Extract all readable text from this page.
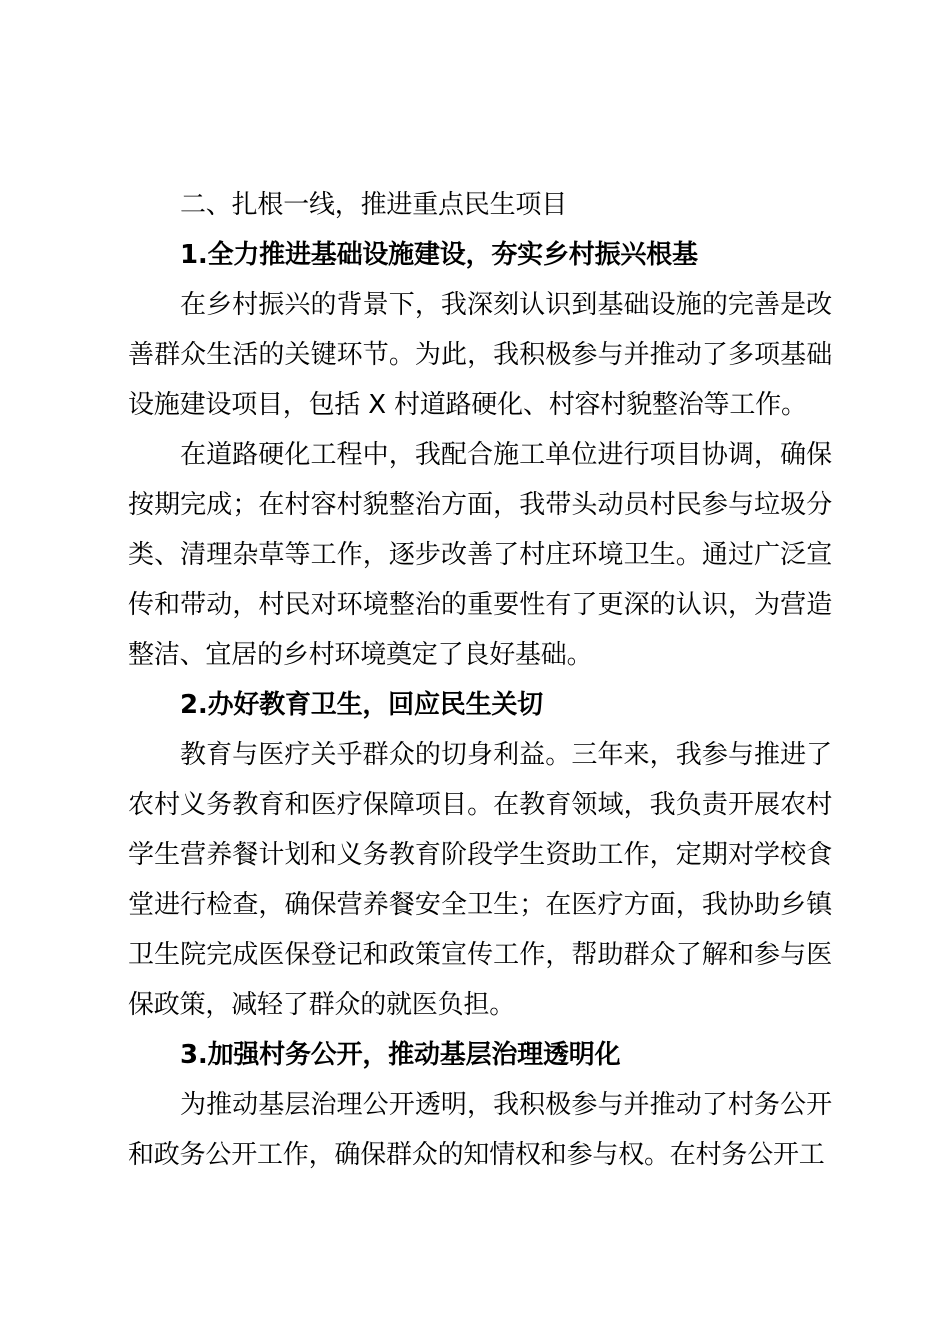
二、扎根一线，推进重点民生项目

1.全力推进基础设施建设，夯实乡村振兴根基

在乡村振兴的背景下，我深刻认识到基础设施的完善是改善群众生活的关键环节。为此，我积极参与并推动了多项基础设施建设项目，包括 X 村道路硬化、村容村貌整治等工作。

在道路硬化工程中，我配合施工单位进行项目协调，确保按期完成；在村容村貌整治方面，我带头动员村民参与垃圾分类、清理杂草等工作，逐步改善了村庄环境卫生。通过广泛宣传和带动，村民对环境整治的重要性有了更深的认识，为营造整洁、宜居的乡村环境奠定了良好基础。

2.办好教育卫生，回应民生关切

教育与医疗关乎群众的切身利益。三年来，我参与推进了农村义务教育和医疗保障项目。在教育领域，我负责开展农村学生营养餐计划和义务教育阶段学生资助工作，定期对学校食堂进行检查，确保营养餐安全卫生；在医疗方面，我协助乡镇卫生院完成医保登记和政策宣传工作，帮助群众了解和参与医保政策，减轻了群众的就医负担。

3.加强村务公开，推动基层治理透明化

为推动基层治理公开透明，我积极参与并推动了村务公开和政务公开工作，确保群众的知情权和参与权。在村务公开工
